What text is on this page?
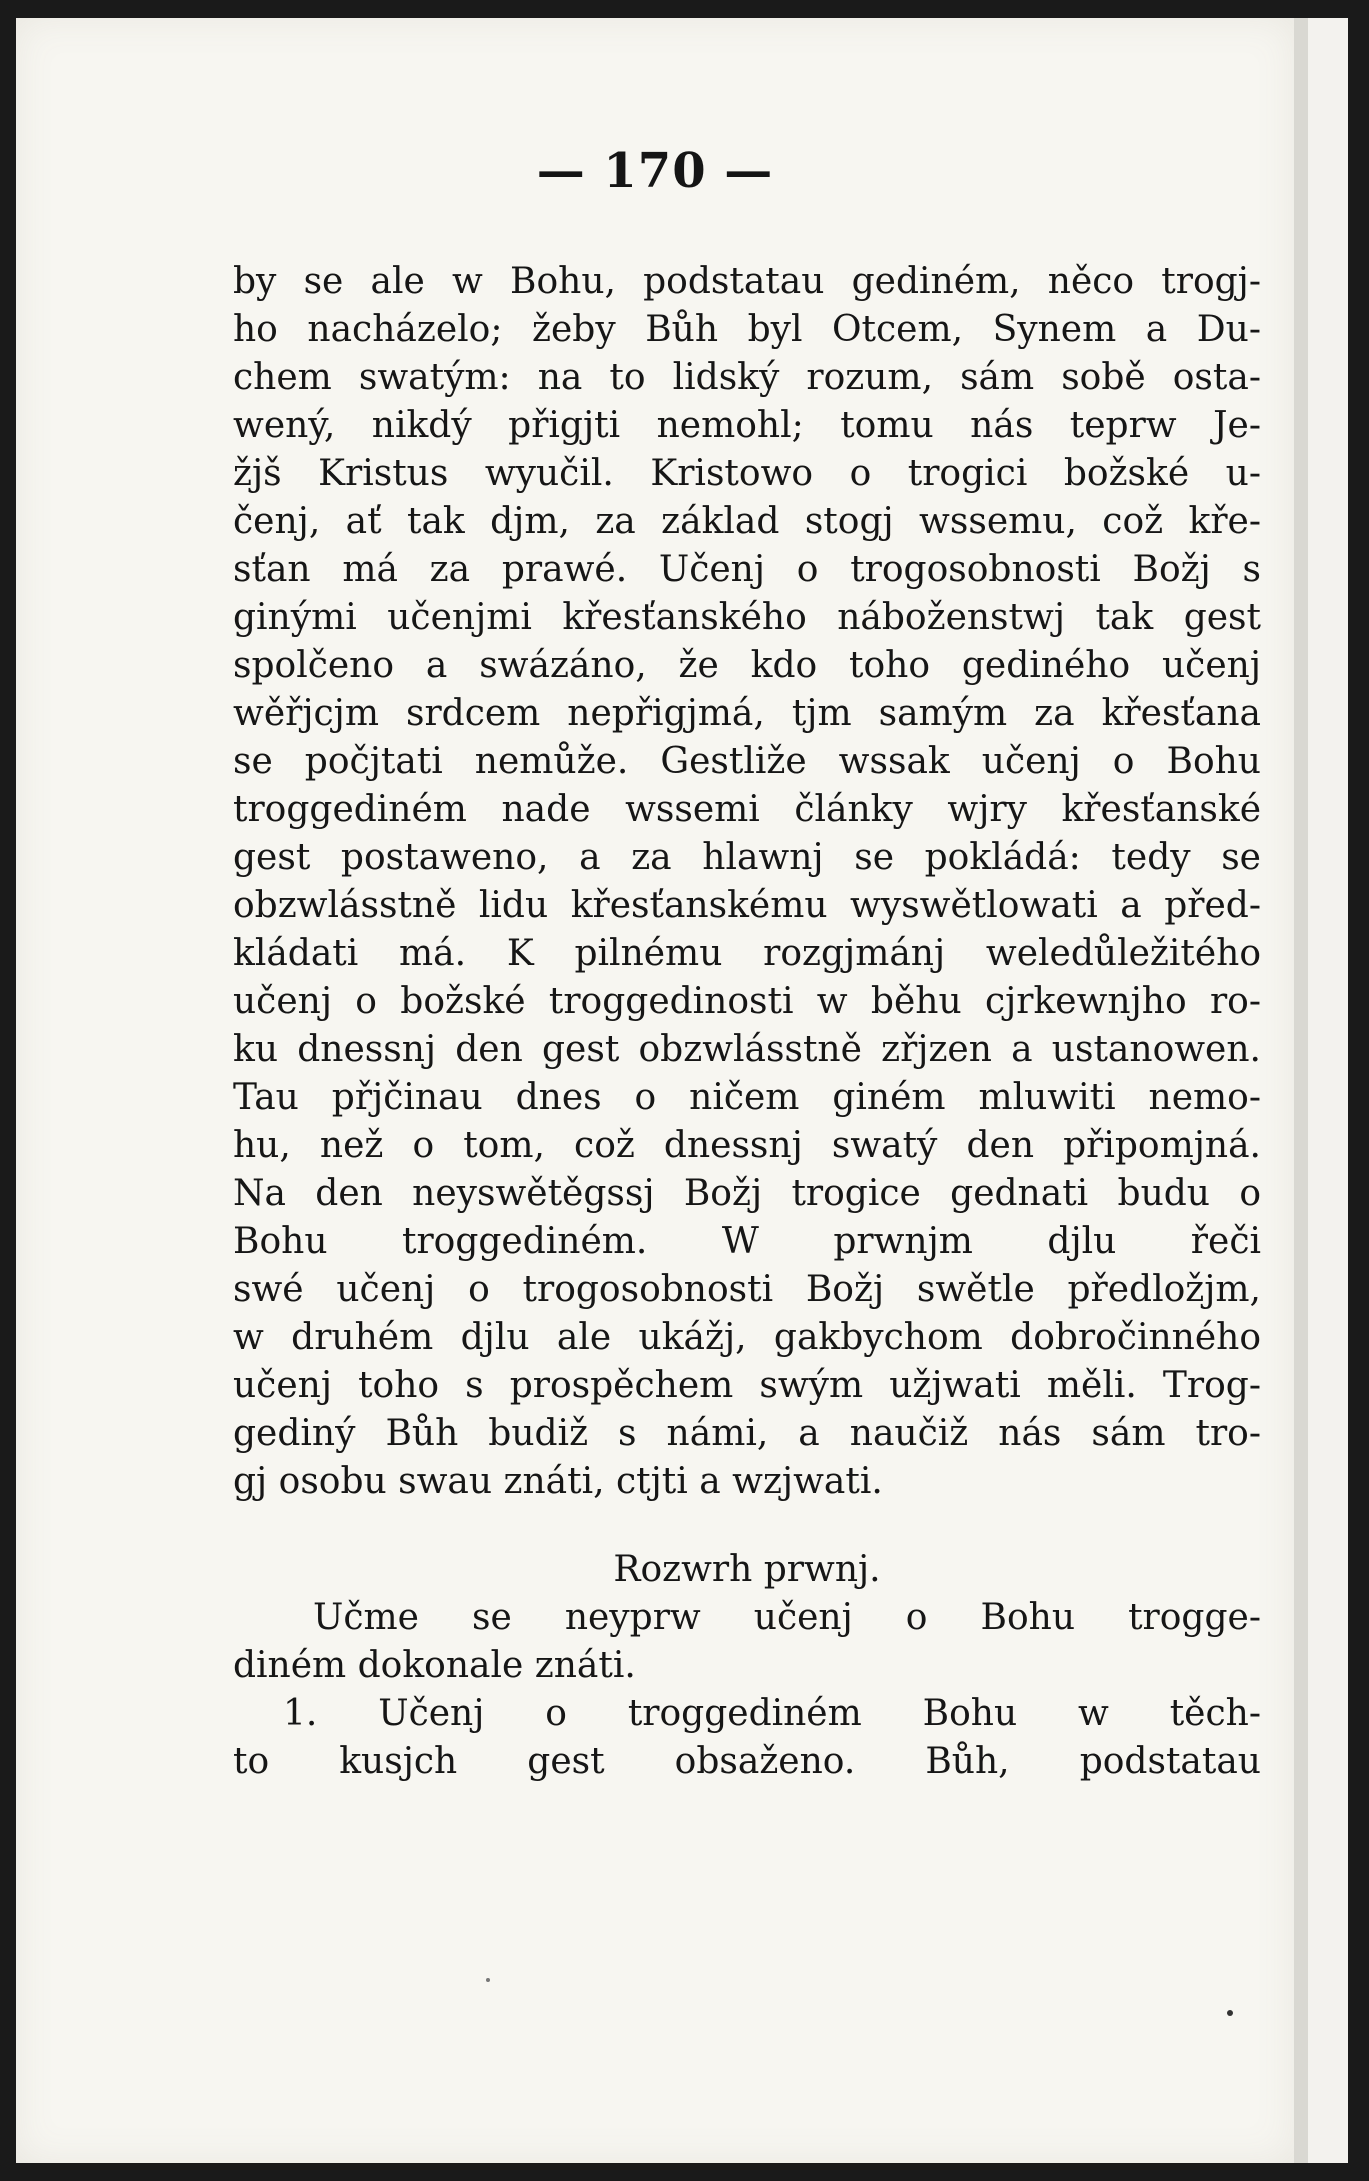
— 170 —
by se ale w Bohu, podstatau gediném, něco trogj-
ho nacházelo; žeby Bůh byl Otcem, Synem a Du-
chem swatým: na to lidský rozum, sám sobě osta-
wený, nikdý přigjti nemohl; tomu nás teprw Je-
žjš Kristus wyučil. Kristowo o trogici božské u-
čenj, ať tak djm, za základ stogj wssemu, což kře-
sťan má za prawé. Učenj o trogosobnosti Božj s
ginými učenjmi křesťanského náboženstwj tak gest
spolčeno a swázáno, že kdo toho gediného učenj
wěřjcjm srdcem nepřigjmá, tjm samým za křesťana
se počjtati nemůže. Gestliže wssak učenj o Bohu
troggediném nade wssemi články wjry křesťanské
gest postaweno, a za hlawnj se pokládá: tedy se
obzwlásstně lidu křesťanskému wyswětlowati a před-
kládati má. K pilnému rozgjmánj weledůležitého
učenj o božské troggedinosti w běhu cjrkewnjho ro-
ku dnessnj den gest obzwlásstně zřjzen a ustanowen.
Tau přjčinau dnes o ničem giném mluwiti nemo-
hu, než o tom, což dnessnj swatý den připomjná.
Na den neyswětěgssj Božj trogice gednati budu o
Bohu troggediném. W prwnjm djlu řeči
swé učenj o trogosobnosti Božj swětle předložjm,
w druhém djlu ale ukážj, gakbychom dobročinného
učenj toho s prospěchem swým užjwati měli. Trog-
gediný Bůh budiž s námi, a naučiž nás sám tro-
gj osobu swau znáti, ctjti a wzjwati.
Rozwrh prwnj.
Učme se neyprw učenj o Bohu trogge-
diném dokonale znáti.
1. Učenj o troggediném Bohu w těch-
to kusjch gest obsaženo. Bůh, podstatau
